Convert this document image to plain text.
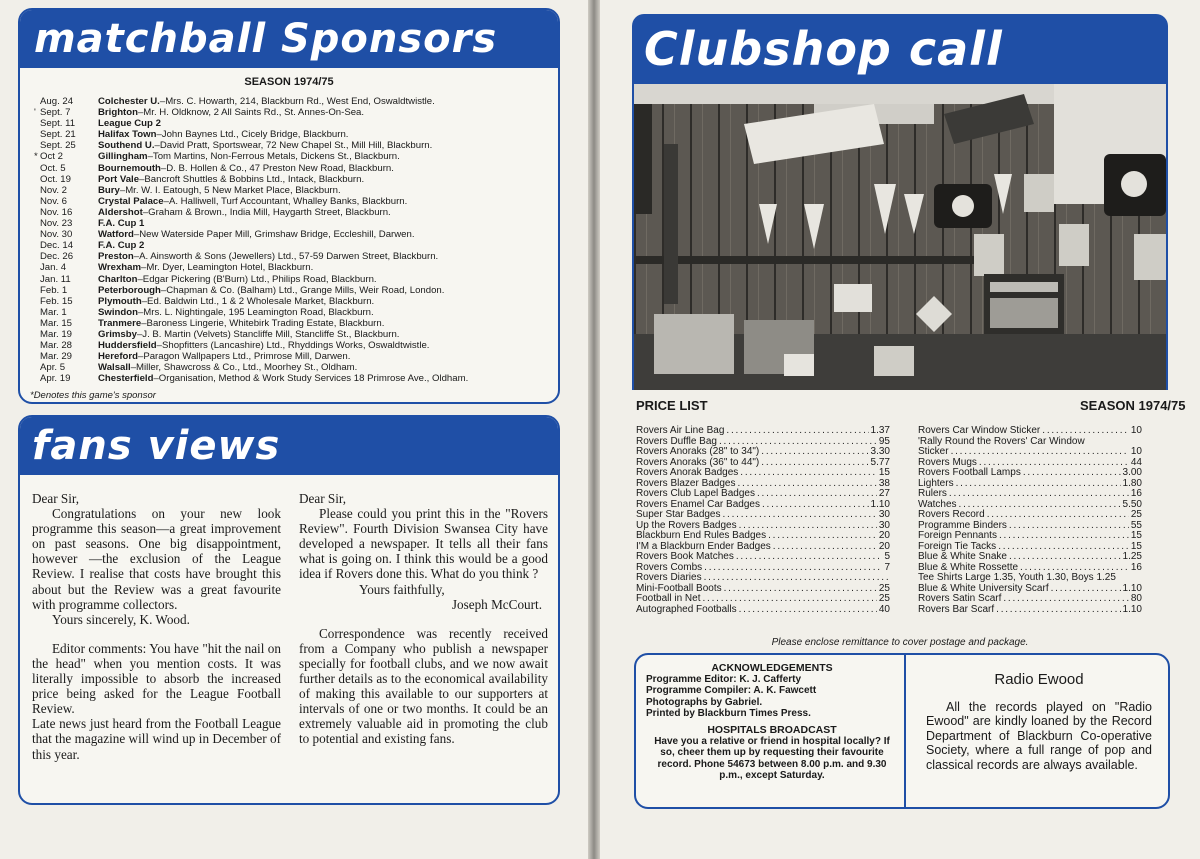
matchball Sponsors
SEASON 1974/75
Aug. 24	Colchester U. –Mrs. C. Howarth, 214, Blackburn Rd., West End, Oswaldtwistle.
' Sept. 7	Brighton –Mr. H. Oldknow, 2 All Saints Rd., St. Annes-On-Sea.
Sept. 11	League Cup 2
Sept. 21	Halifax Town –John Baynes Ltd., Cicely Bridge, Blackburn.
Sept. 25	Southend U. –David Pratt, Sportswear, 72 New Chapel St., Mill Hill, Blackburn.
* Oct 2	Gillingham –Tom Martins, Non-Ferrous Metals, Dickens St., Blackburn.
Oct. 5	Bournemouth –D. B. Hollen & Co., 47 Preston New Road, Blackburn.
Oct. 19	Port Vale –Bancroft Shuttles & Bobbins Ltd., Intack, Blackburn.
Nov. 2	Bury –Mr. W. I. Eatough, 5 New Market Place, Blackburn.
Nov. 6	Crystal Palace –A. Halliwell, Turf Accountant, Whalley Banks, Blackburn.
Nov. 16	Aldershot –Graham & Brown., India Mill, Haygarth Street, Blackburn.
Nov. 23	F.A. Cup 1
Nov. 30	Watford –New Waterside Paper Mill, Grimshaw Bridge, Eccleshill, Darwen.
Dec. 14	F.A. Cup 2
Dec. 26	Preston –A. Ainsworth & Sons (Jewellers) Ltd., 57-59 Darwen Street, Blackburn.
Jan. 4	Wrexham –Mr. Dyer, Leamington Hotel, Blackburn.
Jan. 11	Charlton –Edgar Pickering (B'Burn) Ltd., Philips Road, Blackburn.
Feb. 1	Peterborough –Chapman & Co. (Balham) Ltd., Grange Mills, Weir Road, London.
Feb. 15	Plymouth –Ed. Baldwin Ltd., 1 & 2 Wholesale Market, Blackburn.
Mar. 1	Swindon –Mrs. L. Nightingale, 195 Leamington Road, Blackburn.
Mar. 15	Tranmere –Baroness Lingerie, Whitebirk Trading Estate, Blackburn.
Mar. 19	Grimsby –J. B. Martin (Velvets) Stancliffe Mill, Stancliffe St., Blackburn.
Mar. 28	Huddersfield –Shopfitters (Lancashire) Ltd., Rhyddings Works, Oswaldtwistle.
Mar. 29	Hereford –Paragon Wallpapers Ltd., Primrose Mill, Darwen.
Apr. 5	Walsall –Miller, Shawcross & Co., Ltd., Moorhey St., Oldham.
Apr. 19	Chesterfield –Organisation, Method & Work Study Services 18 Primrose Ave., Oldham.
*Denotes this game's sponsor
fans views

Dear Sir,

Congratulations on your new look programme this season—a great improvement on past seasons. One big disappointment, however —the exclusion of the League Review. I realise that costs have brought this about but the Review was a great favourite with programme collectors.

Yours sincerely, K. Wood.

Editor comments: You have "hit the nail on the head" when you mention costs. It was literally impossible to absorb the increased price being asked for the League Football Review.

Late news just heard from the Football League that the magazine will wind up in December of this year.

Dear Sir,

Please could you print this in the "Rovers Review". Fourth Division Swansea City have developed a newspaper. It tells all their fans what is going on. I think this would be a good idea if Rovers done this. What do you think ?

Yours faithfully,

Joseph McCourt.

Correspondence was recently received from a Company who publish a newspaper specially for football clubs, and we now await further details as to the economical availability of making this available to our supporters at intervals of one or two months. It could be an extremely valuable aid in promoting the club to potential and existing fans.

Clubshop call
PRICE LIST	SEASON 1974/75
Rovers Air Line Bag . . .	1.37
Rovers Duffle Bag . . .	95
Rovers Anoraks (28" to 34") . . .	3.30
Rovers Anoraks (36" to 44") . . .	5.77
Rovers Anorak Badges . . .	15
Rovers Blazer Badges . . .	38
Rovers Club Lapel Badges . . .	27
Rovers Enamel Car Badges . . .	1.10
Super Star Badges . . .	30
Up the Rovers Badges . . .	30
Blackburn End Rules Badges . . .	20
I'M a Blackburn Ender Badges . . .	20
Rovers Book Matches . . .	5
Rovers Combs . . .	7
Rovers Diaries
. . .
Mini-Football Boots . . .	25
Football in Net . . .	25
Autographed Footballs . . .	40
Rovers Car Window Sticker . . .	10
'Rally Round the Rovers' Car Window
Sticker . . .	10
Rovers Mugs . . .	44
Rovers Football Lamps . . .	3.00
Lighters . . .	1.80
Rulers . . .	16
Watches . . .	5.50
Rovers Record . . .	25
Programme Binders . . .	55
Foreign Pennants . . .	15
Foreign Tie Tacks . . .	15
Blue & White Snake . . .	1.25
Blue & White Rossette . . .	16
Tee Shirts Large 1.35, Youth 1.30, Boys 1.25
Blue & White University Scarf . . .	1.10
Rovers Satin Scarf . . .	80
Rovers Bar Scarf . . .	1.10
Please enclose remittance to cover postage and package.
ACKNOWLEDGEMENTS
Programme Editor: K. J. Cafferty
Programme Compiler: A. K. Fawcett
Photographs by Gabriel.
Printed by Blackburn Times Press.
HOSPITALS BROADCAST
Have you a relative or friend in hospital locally? If so, cheer them up by requesting their favourite record. Phone 54673 between 8.00 p.m. and 9.30 p.m., except Saturday.
Radio Ewood

All the records played on "Radio Ewood" are kindly loaned by the Record Department of Blackburn Co-operative Society, where a full range of pop and classical records are always available.
